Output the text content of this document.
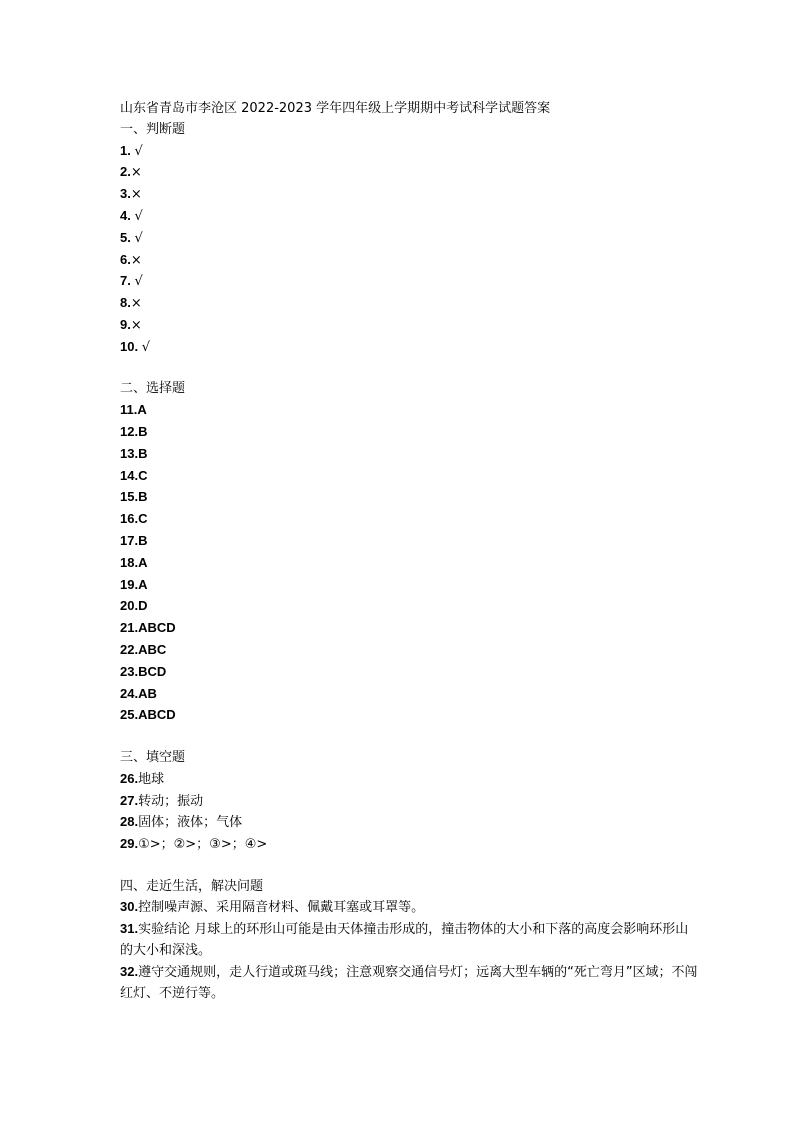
山东省青岛市李沧区 2022-2023 学年四年级上学期期中考试科学试题答案
一、判断题
1. √
2.×
3.×
4. √
5. √
6.×
7. √
8.×
9.×
10. √
二、选择题
11.A
12.B
13.B
14.C
15.B
16.C
17.B
18.A
19.A
20.D
21.ABCD
22.ABC
23.BCD
24.AB
25.ABCD
三、填空题
26.地球
27.转动；振动
28.固体；液体；气体
29.①>；②>；③>；④>
四、走近生活，解决问题
30.控制噪声源、采用隔音材料、佩戴耳塞或耳罩等。
31.实验结论 月球上的环形山可能是由天体撞击形成的，撞击物体的大小和下落的高度会影响环形山的大小和深浅。
32.遵守交通规则，走人行道或斑马线；注意观察交通信号灯；远离大型车辆的“死亡弯月”区域；不闯红灯、不逆行等。
